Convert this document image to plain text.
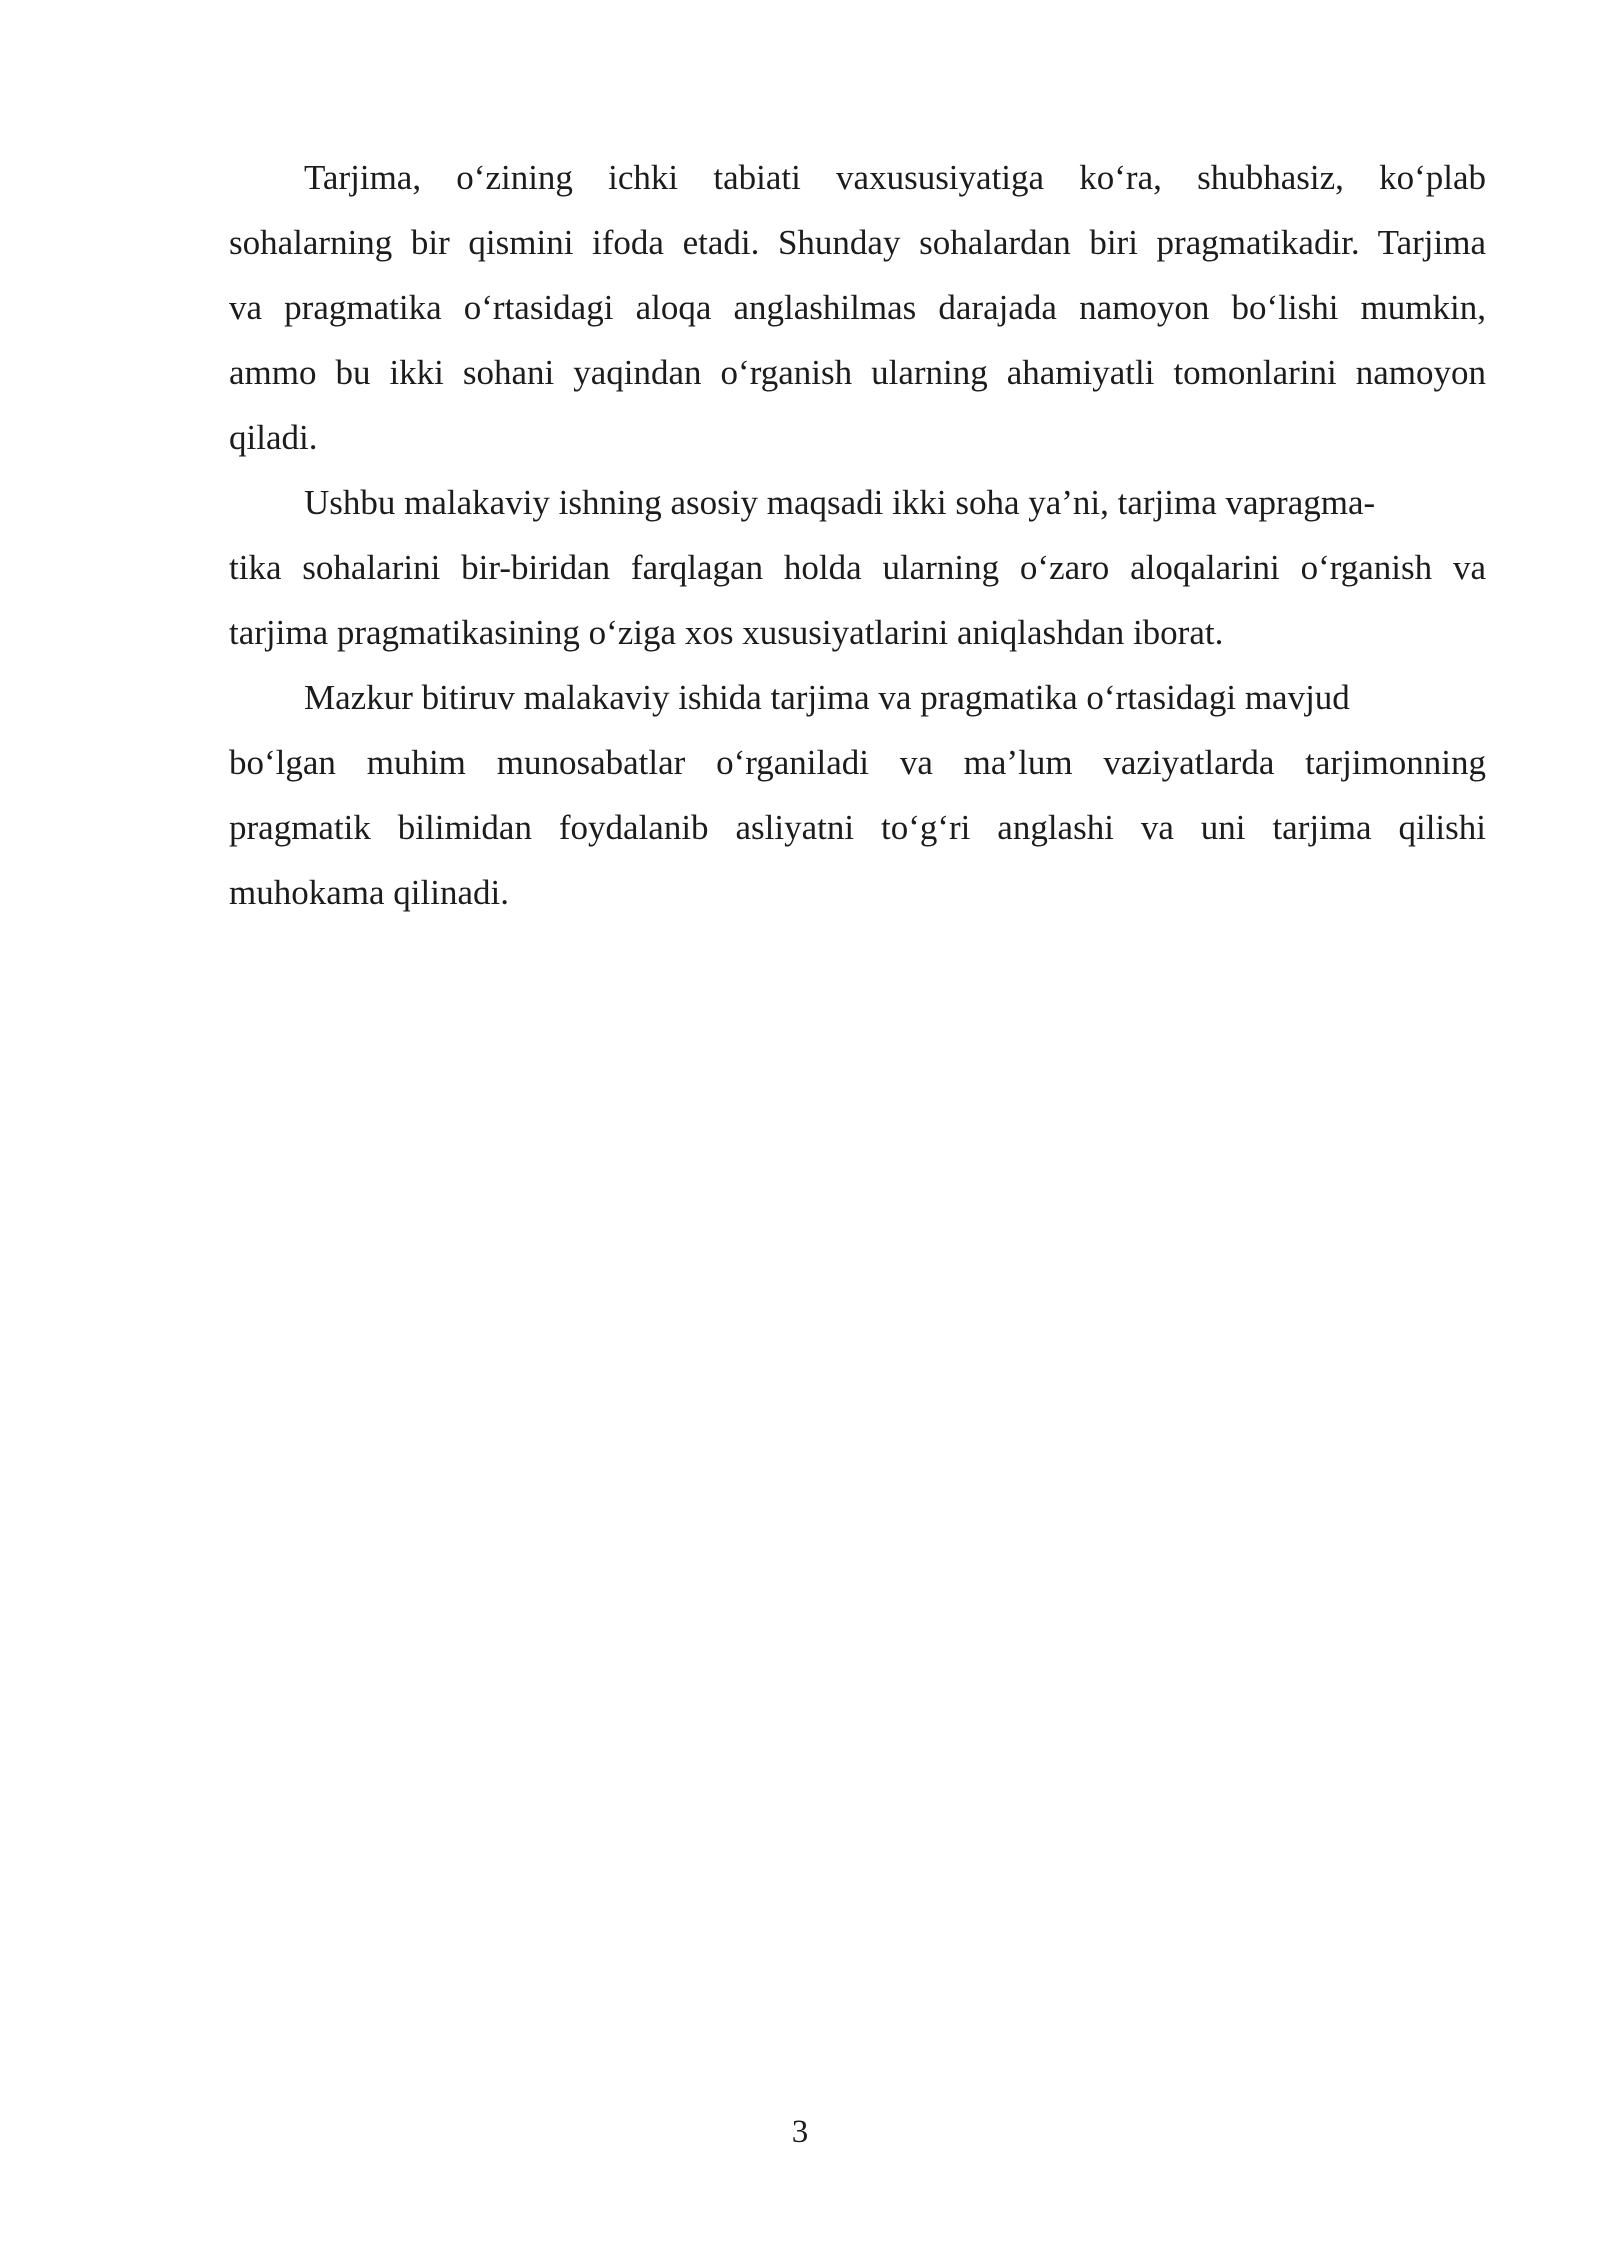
Tarjima, o‘zining ichki tabiati vaxususiyatiga ko‘ra, shubhasiz, ko‘plab
sohalarning bir qismini ifoda etadi. Shunday sohalardan biri pragmatikadir. Tarjima
va pragmatika o‘rtasidagi aloqa anglashilmas darajada namoyon bo‘lishi mumkin,
ammo bu ikki sohani yaqindan o‘rganish ularning ahamiyatli tomonlarini namoyon
qiladi.

Ushbu malakaviy ishning asosiy maqsadi ikki soha ya’ni, tarjima vapragma-
tika sohalarini bir-biridan farqlagan holda ularning o‘zaro aloqalarini o‘rganish va
tarjima pragmatikasining o‘ziga xos xususiyatlarini aniqlashdan iborat.

Mazkur bitiruv malakaviy ishida tarjima va pragmatika o‘rtasidagi mavjud
bo‘lgan muhim munosabatlar o‘rganiladi va ma’lum vaziyatlarda tarjimonning
pragmatik bilimidan foydalanib asliyatni to‘g‘ri anglashi va uni tarjima qilishi
muhokama qilinadi.

3
